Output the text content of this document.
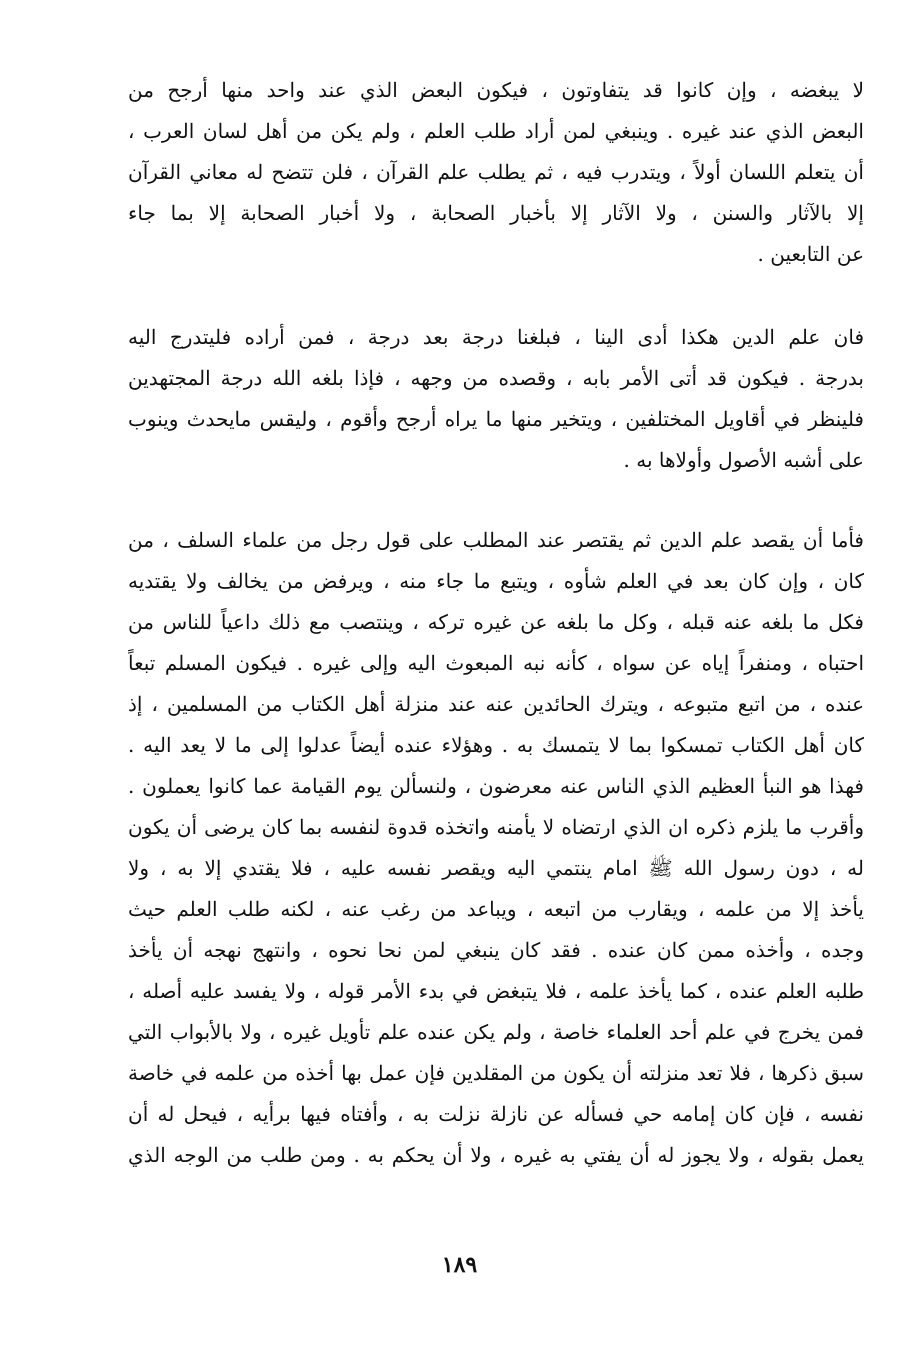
لا يبغضه ، وإن كانوا قد يتفاوتون ، فيكون البعض الذي عند واحد منها أرجح من
البعض الذي عند غيره . وينبغي لمن أراد طلب العلم ، ولم يكن من أهل لسان العرب ،
أن يتعلم اللسان أولاً ، ويتدرب فيه ، ثم يطلب علم القرآن ، فلن تتضح له معاني القرآن
إلا بالآثار والسنن ، ولا الآثار إلا بأخبار الصحابة ، ولا أخبار الصحابة إلا بما جاء
عن التابعين .
فان علم الدين هكذا أدى الينا ، فبلغنا درجة بعد درجة ، فمن أراده فليتدرج اليه
بدرجة . فيكون قد أتى الأمر بابه ، وقصده من وجهه ، فإذا بلغه الله درجة المجتهدين
فلينظر في أقاويل المختلفين ، ويتخير منها ما يراه أرجح وأقوم ، وليقس مايحدث وينوب
على أشبه الأصول وأولاها به .
فأما أن يقصد علم الدين ثم يقتصر عند المطلب على قول رجل من علماء السلف ، من
كان ، وإن كان بعد في العلم شأوه ، ويتبع ما جاء منه ، ويرفض من يخالف ولا يقتديه
فكل ما بلغه عنه قبله ، وكل ما بلغه عن غيره تركه ، وينتصب مع ذلك داعياً للناس من
احتباه ، ومنفراً إياه عن سواه ، كأنه نبه المبعوث اليه وإلى غيره . فيكون المسلم تبعاً
عنده ، من اتبع متبوعه ، ويترك الحائدين عنه عند منزلة أهل الكتاب من المسلمين ، إذ
كان أهل الكتاب تمسكوا بما لا يتمسك به . وهؤلاء عنده أيضاً عدلوا إلى ما لا يعد اليه .
فهذا هو النبأ العظيم الذي الناس عنه معرضون ، ولنسألن يوم القيامة عما كانوا يعملون .
وأقرب ما يلزم ذكره ان الذي ارتضاه لا يأمنه واتخذه قدوة لنفسه بما كان يرضى أن يكون
له ، دون رسول الله ﷺ امام ينتمي اليه ويقصر نفسه عليه ، فلا يقتدي إلا به ، ولا
يأخذ إلا من علمه ، ويقارب من اتبعه ، ويباعد من رغب عنه ، لكنه طلب العلم حيث
وجده ، وأخذه ممن كان عنده . فقد كان ينبغي لمن نحا نحوه ، وانتهج نهجه أن يأخذ
طلبه العلم عنده ، كما يأخذ علمه ، فلا يتبغض في بدء الأمر قوله ، ولا يفسد عليه أصله ،
فمن يخرج في علم أحد العلماء خاصة ، ولم يكن عنده علم تأويل غيره ، ولا بالأبواب التي
سبق ذكرها ، فلا تعد منزلته أن يكون من المقلدين فإن عمل بها أخذه من علمه في خاصة
نفسه ، فإن كان إمامه حي فسأله عن نازلة نزلت به ، وأفتاه فيها برأيه ، فيحل له أن
يعمل بقوله ، ولا يجوز له أن يفتي به غيره ، ولا أن يحكم به . ومن طلب من الوجه الذي
١٨٩
